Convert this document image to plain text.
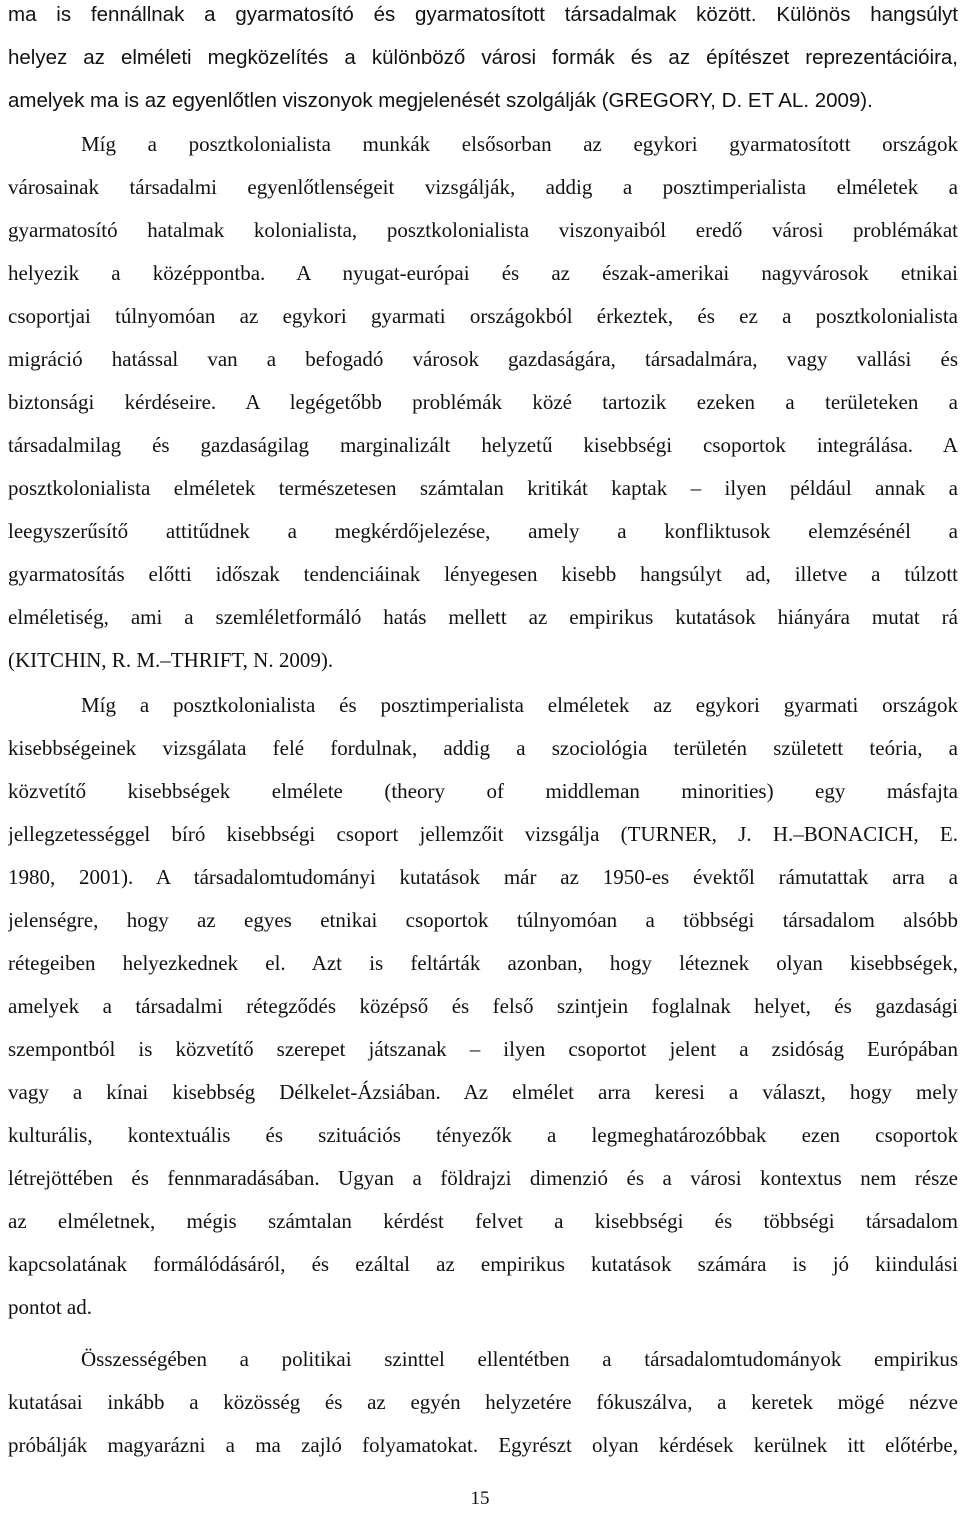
ma is fennállnak a gyarmatosító és gyarmatosított társadalmak között. Különös hangsúlyt
helyez az elméleti megközelítés a különböző városi formák és az építészet reprezentációira,
amelyek ma is az egyenlőtlen viszonyok megjelenését szolgálják (GREGORY, D. ET AL. 2009).
Míg a posztkolonialista munkák elsősorban az egykori gyarmatosított országok
városainak társadalmi egyenlőtlenségeit vizsgálják, addig a posztimperialista elméletek a
gyarmatosító hatalmak kolonialista, posztkolonialista viszonyaiból eredő városi problémákat
helyezik a középpontba. A nyugat-európai és az észak-amerikai nagyvárosok etnikai
csoportjai túlnyomóan az egykori gyarmati országokból érkeztek, és ez a posztkolonialista
migráció hatással van a befogadó városok gazdaságára, társadalmára, vagy vallási és
biztonsági kérdéseire. A legégetőbb problémák közé tartozik ezeken a területeken a
társadalmilag és gazdaságilag marginalizált helyzetű kisebbségi csoportok integrálása. A
posztkolonialista elméletek természetesen számtalan kritikát kaptak – ilyen például annak a
leegyszerűsítő attitűdnek a megkérdőjelezése, amely a konfliktusok elemzésénél a
gyarmatosítás előtti időszak tendenciáinak lényegesen kisebb hangsúlyt ad, illetve a túlzott
elméletiség, ami a szemléletformáló hatás mellett az empirikus kutatások hiányára mutat rá
(KITCHIN, R. M.–THRIFT, N. 2009).
Míg a posztkolonialista és posztimperialista elméletek az egykori gyarmati országok
kisebbségeinek vizsgálata felé fordulnak, addig a szociológia területén született teória, a
közvetítő kisebbségek elmélete (theory of middleman minorities) egy másfajta
jellegzetességgel bíró kisebbségi csoport jellemzőit vizsgálja (TURNER, J. H.–BONACICH, E.
1980, 2001). A társadalomtudományi kutatások már az 1950-es évektől rámutattak arra a
jelenségre, hogy az egyes etnikai csoportok túlnyomóan a többségi társadalom alsóbb
rétegeiben helyezkednek el. Azt is feltárták azonban, hogy léteznek olyan kisebbségek,
amelyek a társadalmi rétegződés középső és felső szintjein foglalnak helyet, és gazdasági
szempontból is közvetítő szerepet játszanak – ilyen csoportot jelent a zsidóság Európában
vagy a kínai kisebbség Délkelet-Ázsiában. Az elmélet arra keresi a választ, hogy mely
kulturális, kontextuális és szituációs tényezők a legmeghatározóbbak ezen csoportok
létrejöttében és fennmaradásában. Ugyan a földrajzi dimenzió és a városi kontextus nem része
az elméletnek, mégis számtalan kérdést felvet a kisebbségi és többségi társadalom
kapcsolatának formálódásáról, és ezáltal az empirikus kutatások számára is jó kiindulási
pontot ad.
Összességében a politikai szinttel ellentétben a társadalomtudományok empirikus
kutatásai inkább a közösség és az egyén helyzetére fókuszálva, a keretek mögé nézve
próbálják magyarázni a ma zajló folyamatokat. Egyrészt olyan kérdések kerülnek itt előtérbe,
15
